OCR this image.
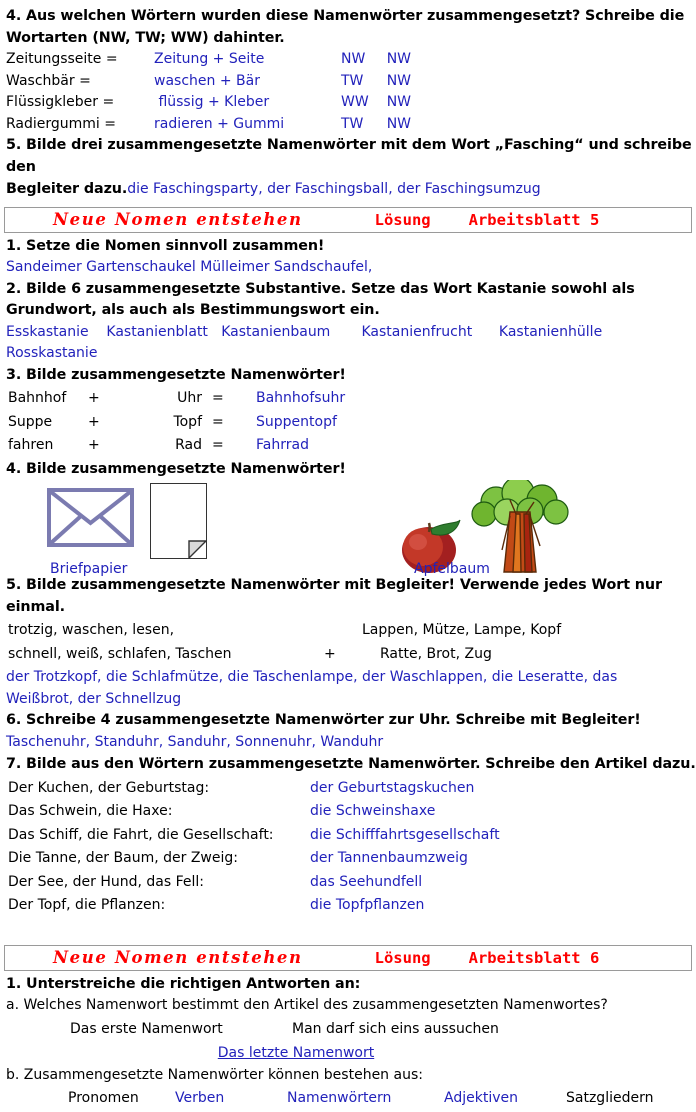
4. Aus welchen Wörtern wurden diese Namenwörter zusammengesetzt? Schreibe die
Wortarten (NW, TW; WW) dahinter.
Zeitungsseite =	Zeitung + Seite	NW	NW
Waschbär =	waschen + Bär	TW	NW
Flüssigkleber =	flüssig + Kleber	WW	NW
Radiergummi =	radieren + Gummi	TW	NW
5. Bilde drei zusammengesetzte Namenwörter mit dem Wort „Fasching“ und schreibe den
Begleiter dazu.die Faschingsparty, der Faschingsball, der Faschingsumzug
Neue Nomen entstehen	Lösung Arbeitsblatt 5
1. Setze die Nomen sinnvoll zusammen!
Sandeimer Gartenschaukel Mülleimer Sandschaufel,
2. Bilde 6 zusammengesetzte Substantive. Setze das Wort Kastanie sowohl als
Grundwort, als auch als Bestimmungswort ein.
Esskastanie    Kastanienblatt   Kastanienbaum       Kastanienfrucht      Kastanienhülle
Rosskastanie
3. Bilde zusammengesetzte Namenwörter!
Bahnhof	+	Uhr	=	Bahnhofsuhr
Suppe	+	Topf	=	Suppentopf
fahren	+	Rad	=	Fahrrad
4. Bilde zusammengesetzte Namenwörter!
Briefpapier	Apfelbaum
5. Bilde zusammengesetzte Namenwörter mit Begleiter! Verwende jedes Wort nur einmal.
trotzig, waschen, lesen,		Lappen, Mütze, Lampe, Kopf
schnell, weiß, schlafen, Taschen	+	Ratte, Brot, Zug
der Trotzkopf, die Schlafmütze, die Taschenlampe, der Waschlappen, die Leseratte, das
Weißbrot, der Schnellzug
6. Schreibe 4 zusammengesetzte Namenwörter zur Uhr. Schreibe mit Begleiter!
Taschenuhr, Standuhr, Sanduhr, Sonnenuhr, Wanduhr
7. Bilde aus den Wörtern zusammengesetzte Namenwörter. Schreibe den Artikel dazu.
Der Kuchen, der Geburtstag:	der Geburtstagskuchen
Das Schwein, die Haxe:	die Schweinshaxe
Das Schiff, die Fahrt, die Gesellschaft:	die Schifffahrtsgesellschaft
Die Tanne, der Baum, der Zweig:	der Tannenbaumzweig
Der See, der Hund, das Fell:	das Seehundfell
Der Topf, die Pflanzen:	die Topfpflanzen
Neue Nomen entstehen	Lösung Arbeitsblatt 6
1. Unterstreiche die richtigen Antworten an:
a. Welches Namenwort bestimmt den Artikel des zusammengesetzten Namenwortes?
	Das erste Namenwort	Man darf sich eins aussuchen
Das letzte Namenwort
b. Zusammengesetzte Namenwörter können bestehen aus:
	Pronomen	Verben	Namenwörtern	Adjektiven	Satzgliedern
